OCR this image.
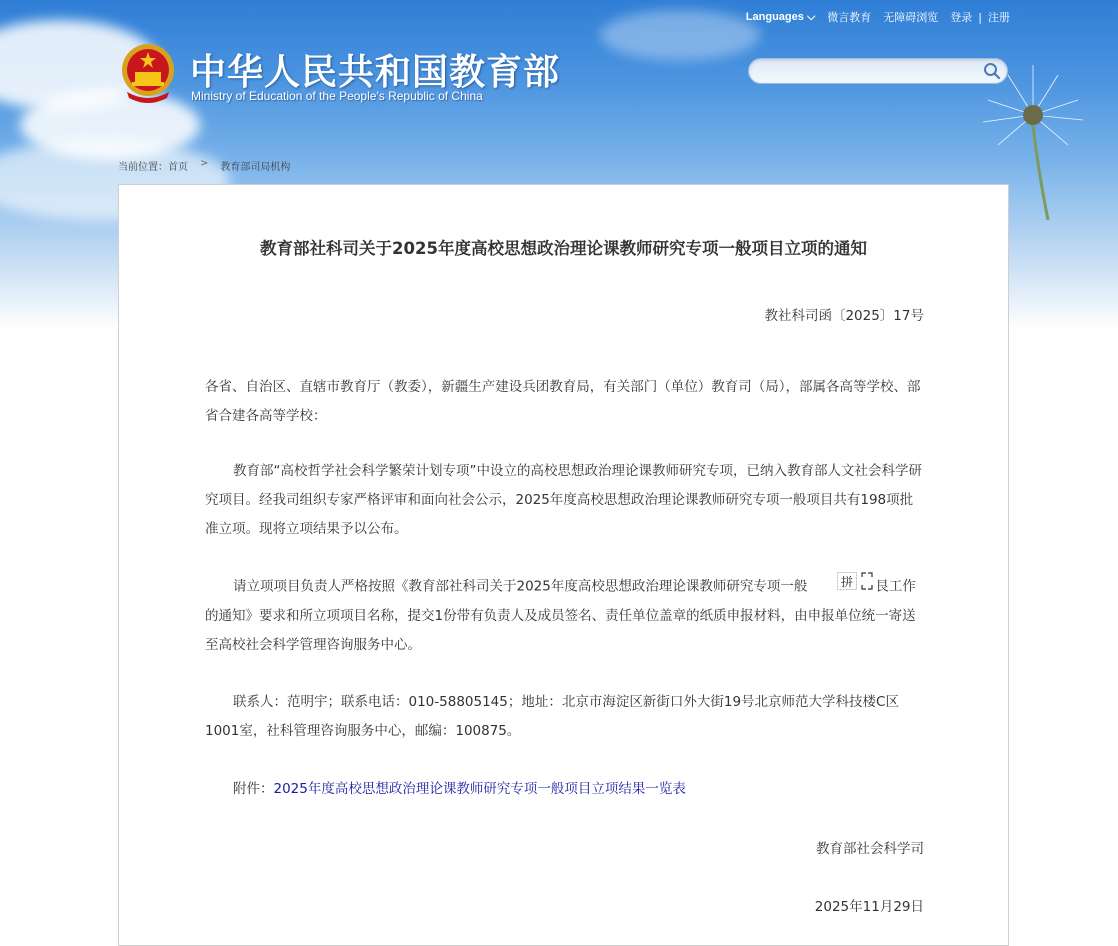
Languages ⌵ 微言教育 无障碍浏览 登录 | 注册
中华人民共和国教育部
Ministry of Education of the People's Republic of China
当前位置： 首页 > 教育部司局机构
教育部社科司关于2025年度高校思想政治理论课教师研究专项一般项目立项的通知
教社科司函〔2025〕17号
各省、自治区、直辖市教育厅（教委），新疆生产建设兵团教育局，有关部门（单位）教育司（局），部属各高等学校、部省合建各高等学校：
教育部“高校哲学社会科学繁荣计划专项”中设立的高校思想政治理论课教师研究专项，已纳入教育部人文社会科学研究项目。经我司组织专家严格评审和面向社会公示，2025年度高校思想政治理论课教师研究专项一般项目共有198项批准立项。现将立项结果予以公布。
请立项项目负责人严格按照《教育部社科司关于2025年度高校思想政治理论课教师研究专项一般	拼 艮工作的通知》要求和所立项项目名称，提交1份带有负责人及成员签名、责任单位盖章的纸质申报材料，由申报单位统一寄送至高校社会科学管理咨询服务中心。
联系人：范明宇；联系电话：010-58805145；地址：北京市海淀区新街口外大街19号北京师范大学科技楼C区1001室，社科管理咨询服务中心，邮编：100875。
附件：2025年度高校思想政治理论课教师研究专项一般项目立项结果一览表
教育部社会科学司
2025年11月29日
